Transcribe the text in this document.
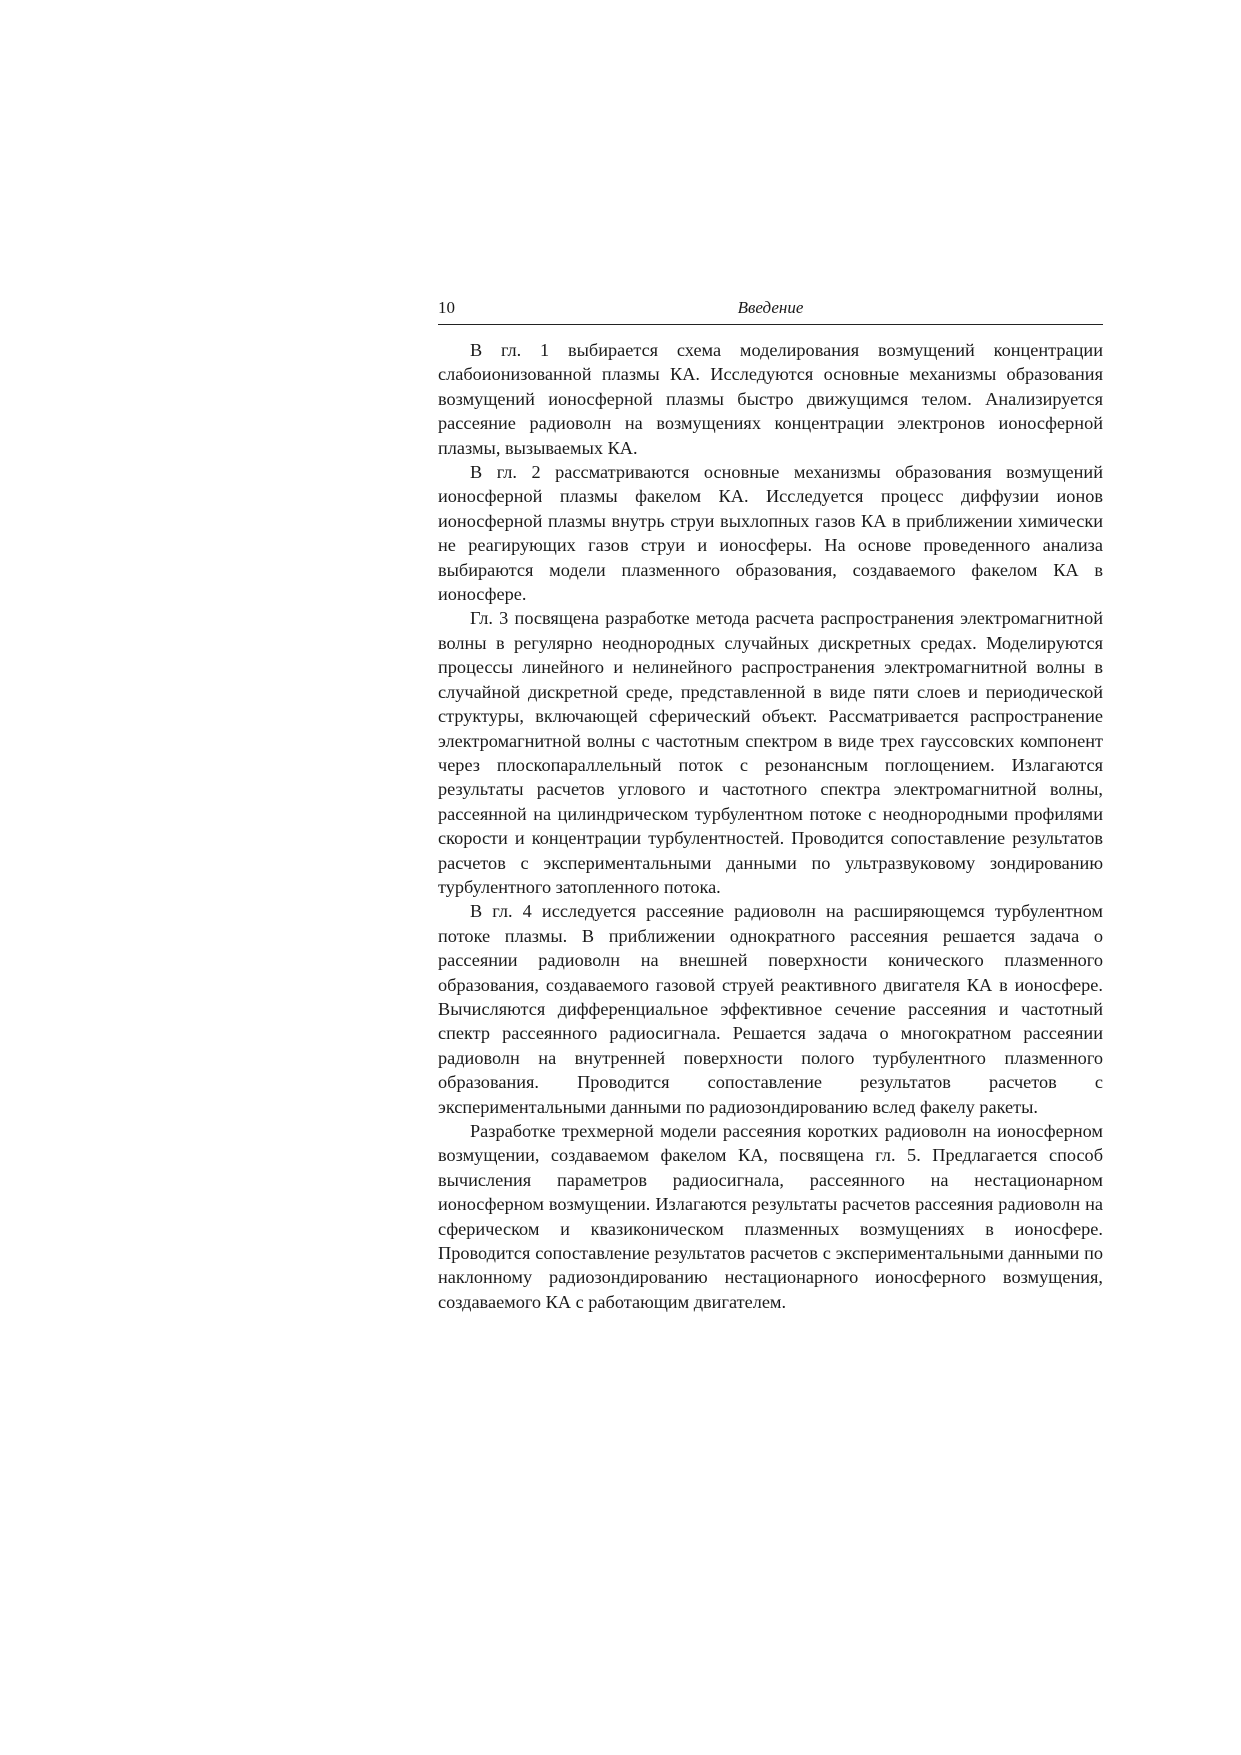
10	Введение

В гл. 1 выбирается схема моделирования возмущений концентрации слабоионизованной плазмы КА. Исследуются основные механизмы образования возмущений ионосферной плазмы быстро движущимся телом. Анализируется рассеяние радиоволн на возмущениях концентрации электронов ионосферной плазмы, вызываемых КА.

В гл. 2 рассматриваются основные механизмы образования возмущений ионосферной плазмы факелом КА. Исследуется процесс диффузии ионов ионосферной плазмы внутрь струи выхлопных газов КА в приближении химически не реагирующих газов струи и ионосферы. На основе проведенного анализа выбираются модели плазменного образования, создаваемого факелом КА в ионосфере.

Гл. 3 посвящена разработке метода расчета распространения электромагнитной волны в регулярно неоднородных случайных дискретных средах. Моделируются процессы линейного и нелинейного распространения электромагнитной волны в случайной дискретной среде, представленной в виде пяти слоев и периодической структуры, включающей сферический объект. Рассматривается распространение электромагнитной волны с частотным спектром в виде трех гауссовских компонент через плоскопараллельный поток с резонансным поглощением. Излагаются результаты расчетов углового и частотного спектра электромагнитной волны, рассеянной на цилиндрическом турбулентном потоке с неоднородными профилями скорости и концентрации турбулентностей. Проводится сопоставление результатов расчетов с экспериментальными данными по ультразвуковому зондированию турбулентного затопленного потока.

В гл. 4 исследуется рассеяние радиоволн на расширяющемся турбулентном потоке плазмы. В приближении однократного рассеяния решается задача о рассеянии радиоволн на внешней поверхности конического плазменного образования, создаваемого газовой струей реактивного двигателя КА в ионосфере. Вычисляются дифференциальное эффективное сечение рассеяния и частотный спектр рассеянного радиосигнала. Решается задача о многократном рассеянии радиоволн на внутренней поверхности полого турбулентного плазменного образования. Проводится сопоставление результатов расчетов с экспериментальными данными по радиозондированию вслед факелу ракеты.

Разработке трехмерной модели рассеяния коротких радиоволн на ионосферном возмущении, создаваемом факелом КА, посвящена гл. 5. Предлагается способ вычисления параметров радиосигнала, рассеянного на нестационарном ионосферном возмущении. Излагаются результаты расчетов рассеяния радиоволн на сферическом и квазиконическом плазменных возмущениях в ионосфере. Проводится сопоставление результатов расчетов с экспериментальными данными по наклонному радиозондированию нестационарного ионосферного возмущения, создаваемого КА с работающим двигателем.
